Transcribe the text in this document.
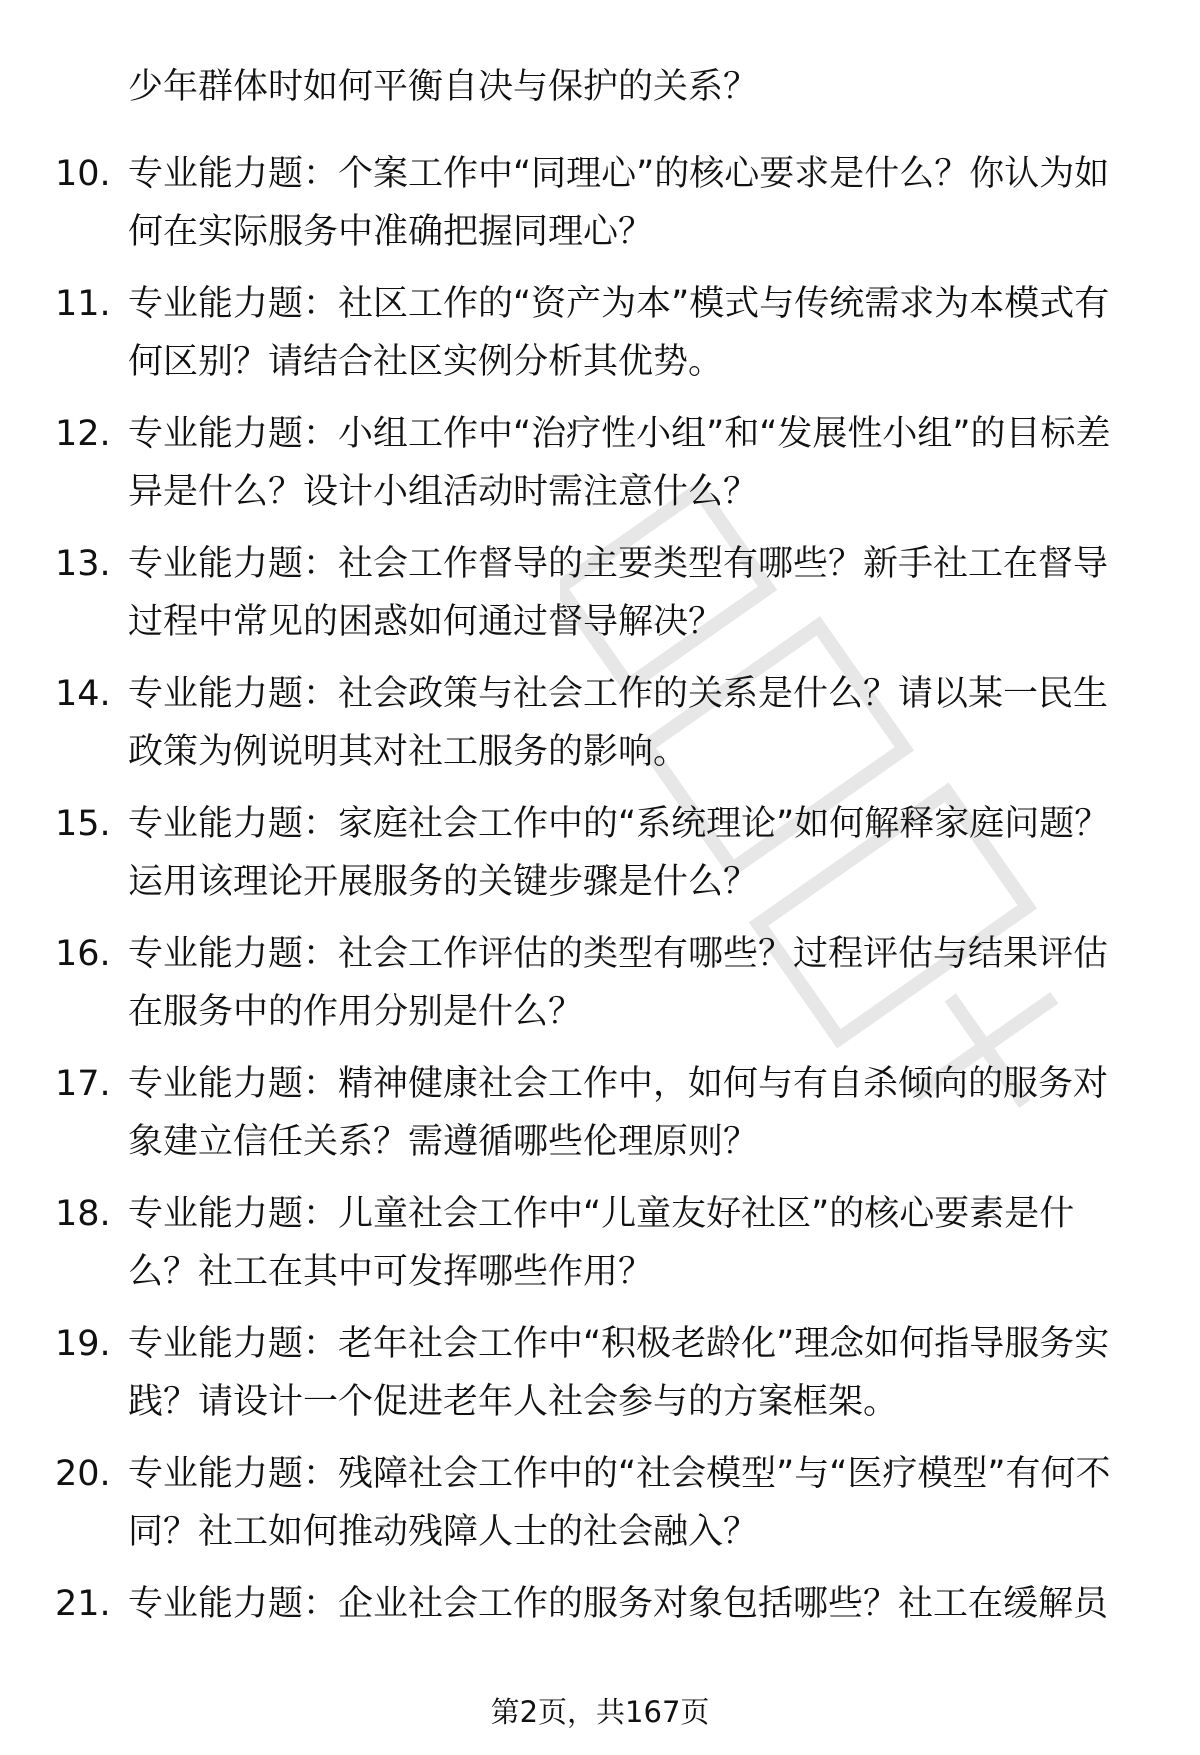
少年群体时如何平衡自决与保护的关系？

10. 专业能力题：个案工作中“同理心”的核心要求是什么？你认为如何在实际服务中准确把握同理心？
11. 专业能力题：社区工作的“资产为本”模式与传统需求为本模式有何区别？请结合社区实例分析其优势。
12. 专业能力题：小组工作中“治疗性小组”和“发展性小组”的目标差异是什么？设计小组活动时需注意什么？
13. 专业能力题：社会工作督导的主要类型有哪些？新手社工在督导过程中常见的困惑如何通过督导解决？
14. 专业能力题：社会政策与社会工作的关系是什么？请以某一民生政策为例说明其对社工服务的影响。
15. 专业能力题：家庭社会工作中的“系统理论”如何解释家庭问题？运用该理论开展服务的关键步骤是什么？
16. 专业能力题：社会工作评估的类型有哪些？过程评估与结果评估在服务中的作用分别是什么？
17. 专业能力题：精神健康社会工作中，如何与有自杀倾向的服务对象建立信任关系？需遵循哪些伦理原则？
18. 专业能力题：儿童社会工作中“儿童友好社区”的核心要素是什么？社工在其中可发挥哪些作用？
19. 专业能力题：老年社会工作中“积极老龄化”理念如何指导服务实践？请设计一个促进老年人社会参与的方案框架。
20. 专业能力题：残障社会工作中的“社会模型”与“医疗模型”有何不同？社工如何推动残障人士的社会融入？
21. 专业能力题：企业社会工作的服务对象包括哪些？社工在缓解员
第2页，共167页
